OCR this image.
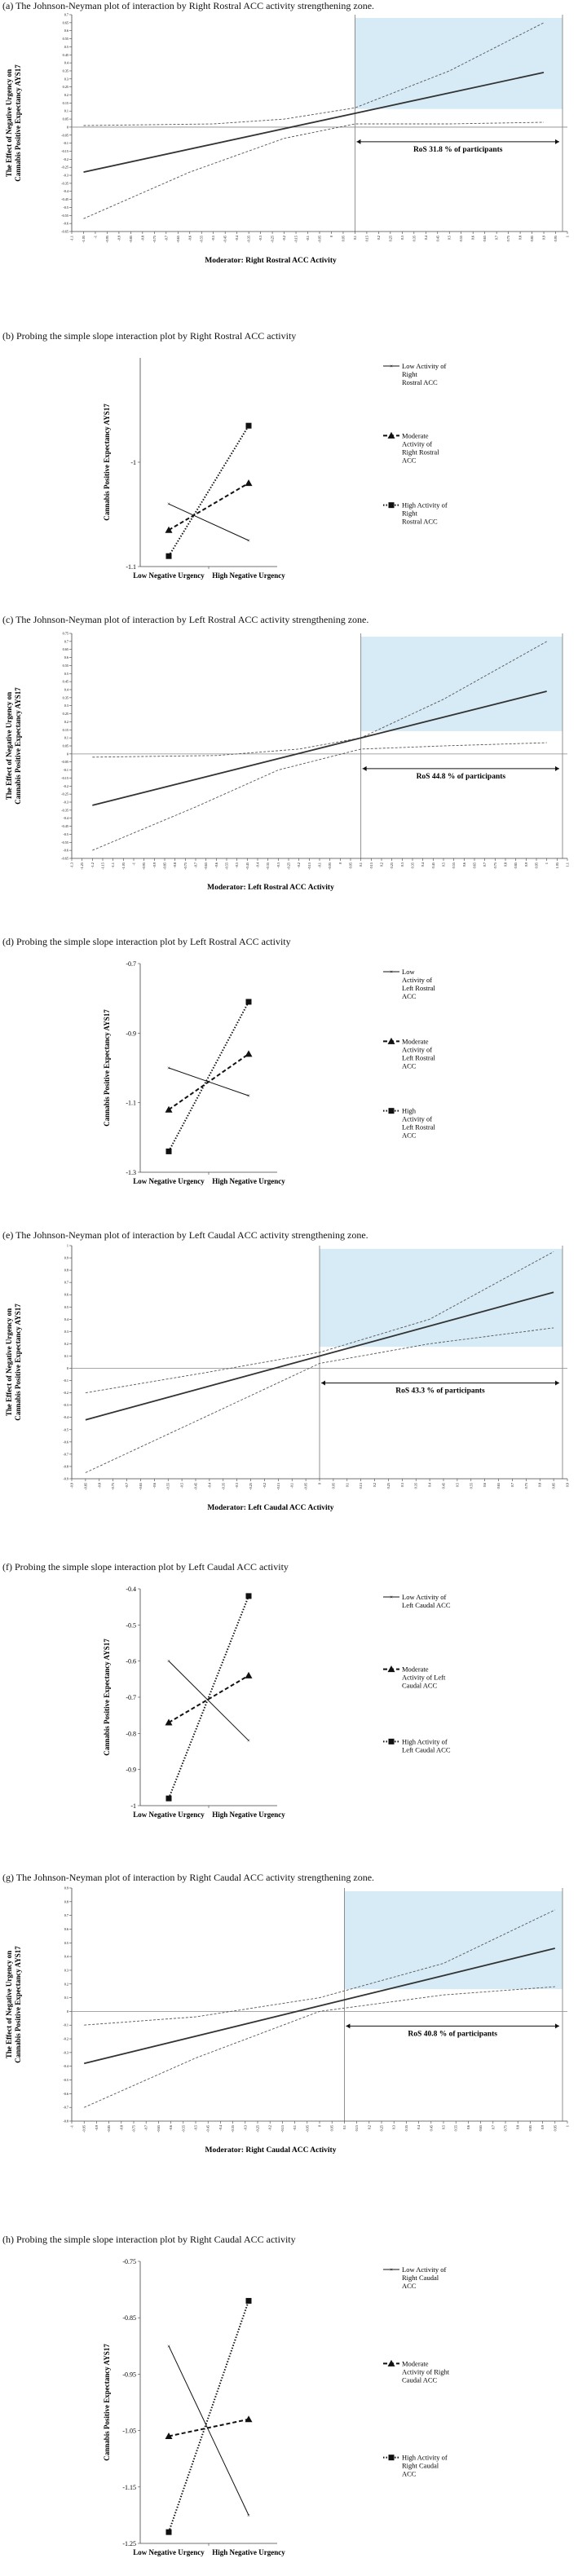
(a) The Johnson-Neyman plot of interaction by Right Rostral ACC activity strengthening zone.
-0.65
-0.6
-0.55
-0.5
-0.45
-0.4
-0.35
-0.3
-0.25
-0.2
-0.15
-0.1
-0.05
0
0.05
0.1
0.15
0.2
0.25
0.3
0.35
0.4
0.45
0.5
0.55
0.6
0.65
0.7
-1.1 -1.05 -1 -0.95 -0.9 -0.85 -0.8 -0.75 -0.7 -0.65 -0.6 -0.55 -0.5 -0.45 -0.4 -0.35 -0.3 -0.25 -0.2 -0.15 -0.1 -0.05 0 0.05 0.1 0.15 0.2 0.25 0.3 0.35 0.4 0.45 0.5 0.55 0.6 0.65 0.7 0.75 0.8 0.85 0.9 0.95 1
RoS 31.8 % of participants
The Effect of Negative Urgency on Cannabis Positive Expectancy AYS17
Moderator: Right Rostral ACC Activity
(b) Probing the simple slope interaction plot by Right Rostral ACC activity
-1.1
-1
Low Negative Urgency High Negative Urgency
Cannabis Positive Expectancy AYS17	×
×
× Low Activity of
Right
Rostral ACC
Moderate
Activity of
Right Rostral
ACC
High Activity of
Right
Rostral ACC
(c) The Johnson-Neyman plot of interaction by Left Rostral ACC activity strengthening zone.
-0.65
-0.6
-0.55
-0.5
-0.45
-0.4
-0.35
-0.3
-0.25
-0.2
-0.15
-0.1
-0.05
0
0.05
0.1
0.15
0.2
0.25
0.3
0.35
0.4
0.45
0.5
0.55
0.6
0.65
0.7
0.75
-1.3 -1.25 -1.2 -1.15 -1.1 -1.05 -1 -0.95 -0.9 -0.85 -0.8 -0.75 -0.7 -0.65 -0.6 -0.55 -0.5 -0.45 -0.4 -0.35 -0.3 -0.25 -0.2 -0.15 -0.1 -0.05 0 0.05 0.1 0.15 0.2 0.25 0.3 0.35 0.4 0.45 0.5 0.55 0.6 0.65 0.7 0.75 0.8 0.85 0.9 0.95 1 1.05 1.1
RoS 44.8 % of participants
The Effect of Negative Urgency on Cannabis Positive Expectancy AYS17
Moderator: Left Rostral ACC Activity
(d) Probing the simple slope interaction plot by Left Rostral ACC activity
-1.3
-1.1
-0.9
-0.7
Low Negative Urgency High Negative Urgency
Cannabis Positive Expectancy AYS17	×
×
× Low
Activity of
Left Rostral
ACC
Moderate
Activity of
Left Rostral
ACC
High
Activity of
Left Rostral
ACC
(e) The Johnson-Neyman plot of interaction by Left Caudal ACC activity strengthening zone.
-0.9
-0.8
-0.7
-0.6
-0.5
-0.4
-0.3
-0.2
-0.1
0
0.1
0.2
0.3
0.4
0.5
0.6
0.7
0.8
0.9
1
-0.9	-0.85	-0.8	-0.75	-0.7	-0.65	-0.6	-0.55	-0.5	-0.45	-0.4	-0.35	-0.3	-0.25	-0.2	-0.15	-0.1	-0.05	0	0.05	0.1	0.15	0.2	0.25	0.3	0.35	0.4	0.45	0.5	0.55	0.6	0.65	0.7	0.75	0.8	0.85	0.9
RoS 43.3 % of participants
The Effect of Negative Urgency on Cannabis Positive Expectancy AYS17
Moderator: Left Caudal ACC Activity
(f) Probing the simple slope interaction plot by Left Caudal ACC activity
-1
-0.9
-0.8
-0.7
-0.6
-0.5
-0.4
Low Negative Urgency High Negative Urgency
Cannabis Positive Expectancy AYS17	×
×
× Low Activity of
Left Caudal ACC
Moderate
Activity of Left
Caudal ACC
High Activity of
Left Caudal ACC
(g) The Johnson-Neyman plot of interaction by Right Caudal ACC activity strengthening zone.
-0.8
-0.7
-0.6
-0.5
-0.4
-0.3
-0.2
-0.1
0
0.1
0.2
0.3
0.4
0.5
0.6
0.7
0.8
0.9
-1 -0.95 -0.9 -0.85 -0.8 -0.75 -0.7 -0.65 -0.6 -0.55 -0.5 -0.45 -0.4 -0.35 -0.3 -0.25 -0.2 -0.15 -0.1 -0.05 0 0.05 0.1 0.15 0.2 0.25 0.3 0.35 0.4 0.45 0.5 0.55 0.6 0.65 0.7 0.75 0.8 0.85 0.9 0.95 1
RoS 40.8 % of participants
The Effect of Negative Urgency on Cannabis Positive Expectancy AYS17
Moderator: Right Caudal ACC Activity
(h) Probing the simple slope interaction plot by Right Caudal ACC activity
-1.25
-1.15
-1.05
-0.95
-0.85
-0.75
Low Negative Urgency High Negative Urgency
Cannabis Positive Expectancy AYS17	×
×
× Low Activity of
Right Caudal
ACC
Moderate
Activity of Right
Caudal ACC
High Activity of
Right Caudal
ACC
